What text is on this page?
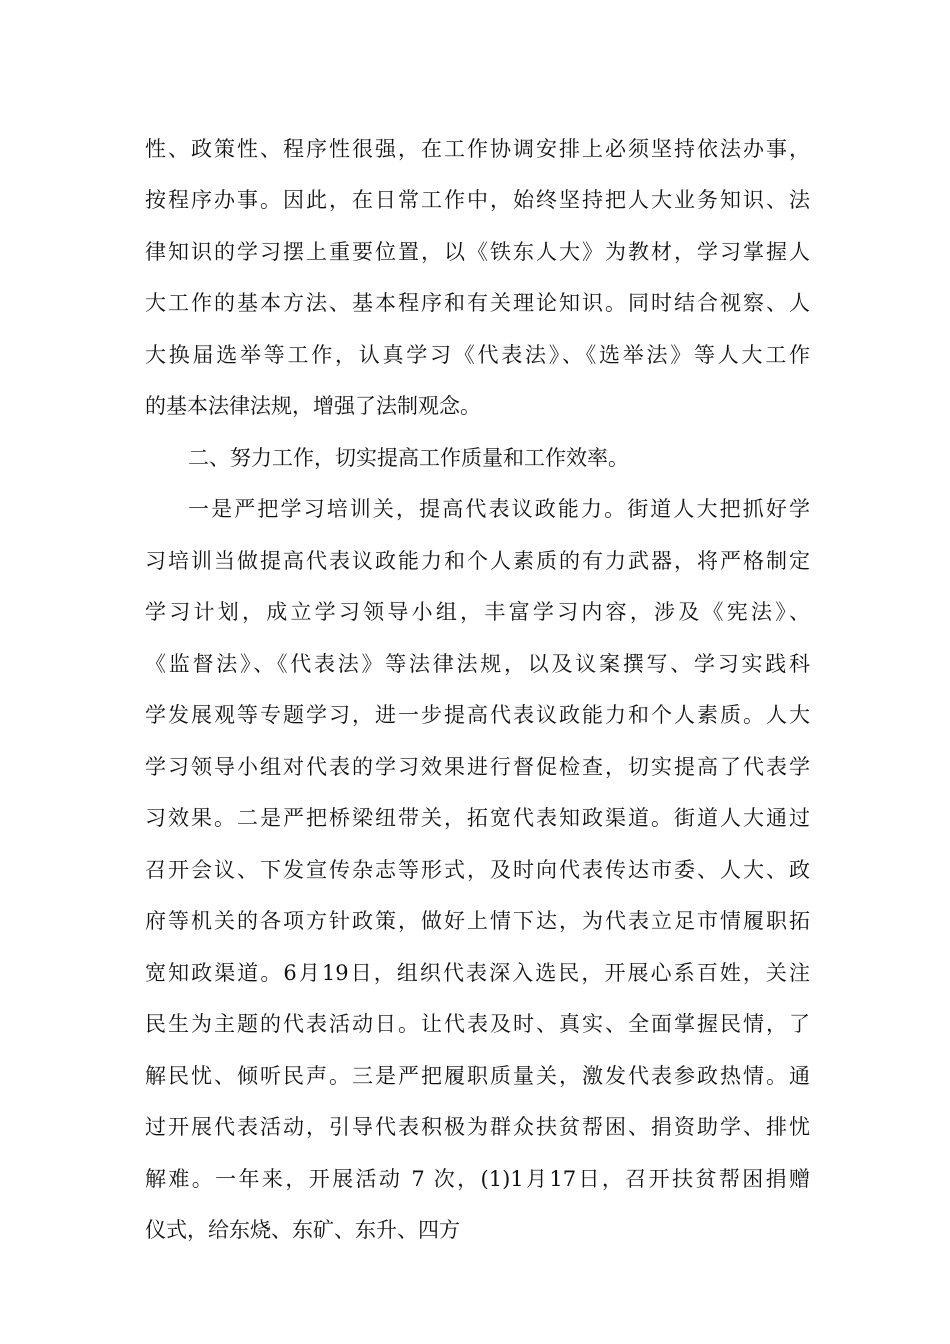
性、政策性、程序性很强，在工作协调安排上必须坚持依法办事，
按程序办事。因此，在日常工作中，始终坚持把人大业务知识、法
律知识的学习摆上重要位置，以《铁东人大》为教材，学习掌握人
大工作的基本方法、基本程序和有关理论知识。同时结合视察、人
大换届选举等工作，认真学习《代表法》、《选举法》等人大工作
的基本法律法规，增强了法制观念。
二、努力工作，切实提高工作质量和工作效率。
一是严把学习培训关，提高代表议政能力。街道人大把抓好学
习培训当做提高代表议政能力和个人素质的有力武器，将严格制定
学习计划，成立学习领导小组，丰富学习内容，涉及《宪法》、
《监督法》、《代表法》等法律法规，以及议案撰写、学习实践科
学发展观等专题学习，进一步提高代表议政能力和个人素质。人大
学习领导小组对代表的学习效果进行督促检查，切实提高了代表学
习效果。二是严把桥梁纽带关，拓宽代表知政渠道。街道人大通过
召开会议、下发宣传杂志等形式，及时向代表传达市委、人大、政
府等机关的各项方针政策，做好上情下达，为代表立足市情履职拓
宽知政渠道。6月19日，组织代表深入选民，开展心系百姓，关注
民生为主题的代表活动日。让代表及时、真实、全面掌握民情，了
解民忧、倾听民声。三是严把履职质量关，激发代表参政热情。通
过开展代表活动，引导代表积极为群众扶贫帮困、捐资助学、排忧
解难。一年来，开展活动 7 次，(1)1月17日，召开扶贫帮困捐赠
仪式，给东烧、东矿、东升、四方
